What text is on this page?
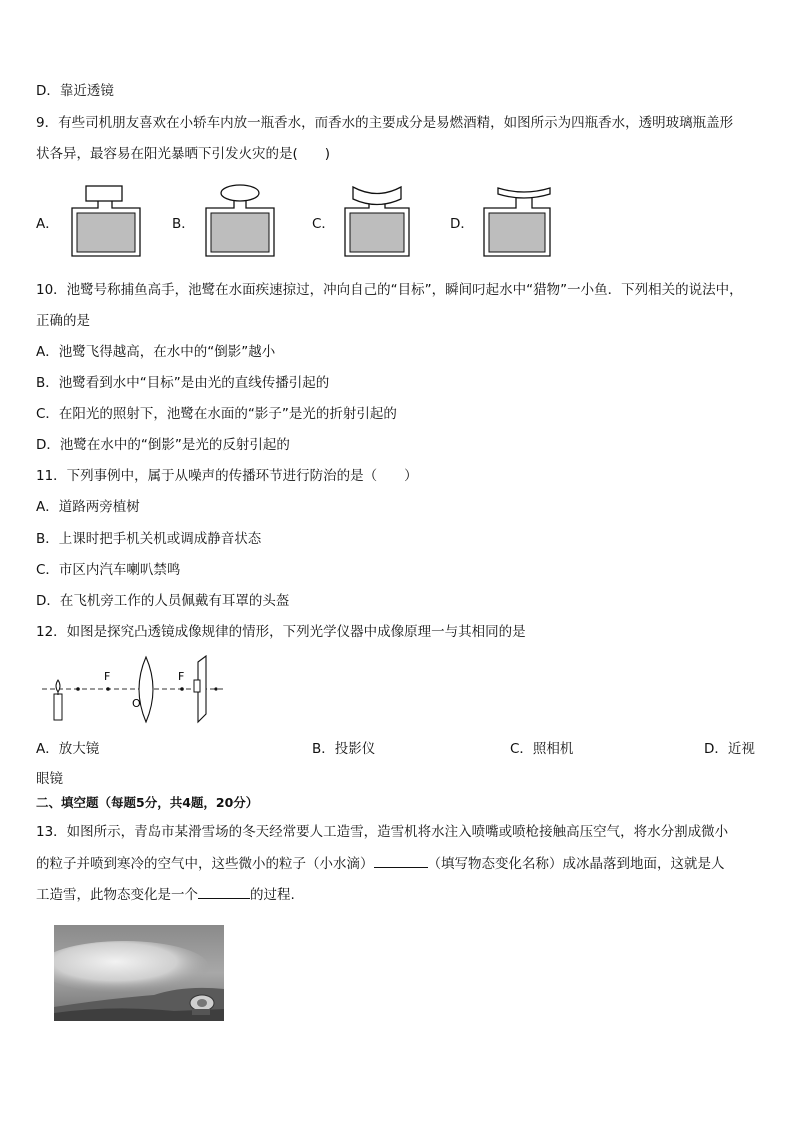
D．靠近透镜
9．有些司机朋友喜欢在小轿车内放一瓶香水，而香水的主要成分是易燃酒精，如图所示为四瓶香水，透明玻璃瓶盖形
状各异，最容易在阳光暴晒下引发火灾的是(　　)
A．	B．	C．	D．
10．池鹭号称捕鱼高手，池鹭在水面疾速掠过，冲向自己的“目标”，瞬间叼起水中“猎物”一小鱼．下列相关的说法中，
正确的是
A．池鹭飞得越高，在水中的“倒影”越小
B．池鹭看到水中“目标”是由光的直线传播引起的
C．在阳光的照射下，池鹭在水面的“影子”是光的折射引起的
D．池鹭在水中的“倒影”是光的反射引起的
11．下列事例中，属于从噪声的传播环节进行防治的是（　　）
A．道路两旁植树
B．上课时把手机关机或调成静音状态
C．市区内汽车喇叭禁鸣
D．在飞机旁工作的人员佩戴有耳罩的头盔
12．如图是探究凸透镜成像规律的情形，下列光学仪器中成像原理一与其相同的是
F
O
F
A．放大镜	B．投影仪	C．照相机	D．近视
眼镜
二、填空题（每题5分，共4题，20分）
13．如图所示，青岛市某滑雪场的冬天经常要人工造雪，造雪机将水注入喷嘴或喷枪接触高压空气，将水分割成微小
的粒子并喷到寒冷的空气中，这些微小的粒子（小水滴）	（填写物态变化名称）成冰晶落到地面，这就是人
工造雪，此物态变化是一个	的过程.
